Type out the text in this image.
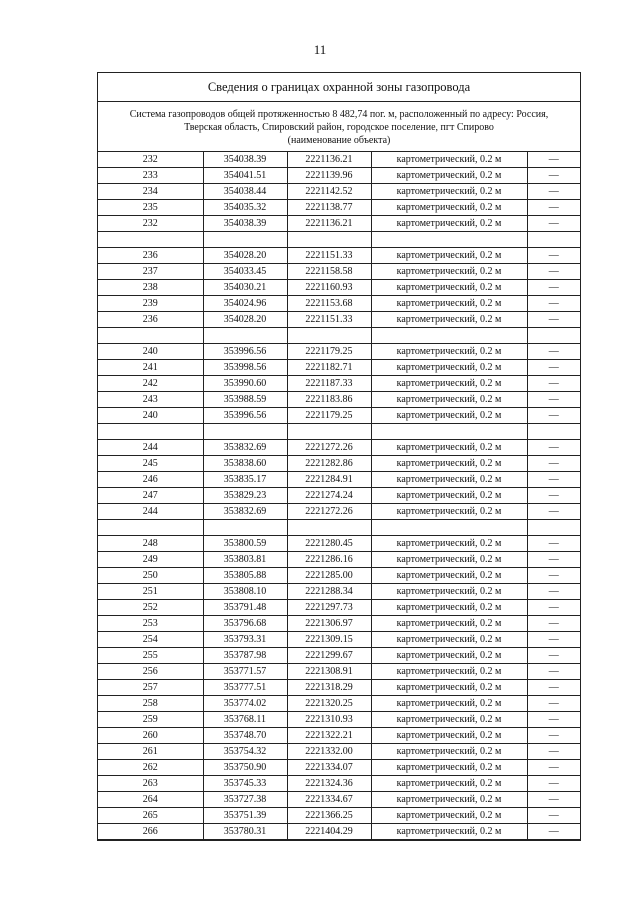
11
Сведения о границах охранной зоны газопровода
Система газопроводов общей протяженностью 8 482,74 пог. м, расположенный по адресу: Россия,
Тверская область, Спировский район, городское поселение, пгт Спирово
(наименование объекта)
232	354038.39	2221136.21	картометрический, 0.2 м	—
233	354041.51	2221139.96	картометрический, 0.2 м	—
234	354038.44	2221142.52	картометрический, 0.2 м	—
235	354035.32	2221138.77	картометрический, 0.2 м	—
232	354038.39	2221136.21	картометрический, 0.2 м	—

236	354028.20	2221151.33	картометрический, 0.2 м	—
237	354033.45	2221158.58	картометрический, 0.2 м	—
238	354030.21	2221160.93	картометрический, 0.2 м	—
239	354024.96	2221153.68	картометрический, 0.2 м	—
236	354028.20	2221151.33	картометрический, 0.2 м	—

240	353996.56	2221179.25	картометрический, 0.2 м	—
241	353998.56	2221182.71	картометрический, 0.2 м	—
242	353990.60	2221187.33	картометрический, 0.2 м	—
243	353988.59	2221183.86	картометрический, 0.2 м	—
240	353996.56	2221179.25	картометрический, 0.2 м	—

244	353832.69	2221272.26	картометрический, 0.2 м	—
245	353838.60	2221282.86	картометрический, 0.2 м	—
246	353835.17	2221284.91	картометрический, 0.2 м	—
247	353829.23	2221274.24	картометрический, 0.2 м	—
244	353832.69	2221272.26	картометрический, 0.2 м	—

248	353800.59	2221280.45	картометрический, 0.2 м	—
249	353803.81	2221286.16	картометрический, 0.2 м	—
250	353805.88	2221285.00	картометрический, 0.2 м	—
251	353808.10	2221288.34	картометрический, 0.2 м	—
252	353791.48	2221297.73	картометрический, 0.2 м	—
253	353796.68	2221306.97	картометрический, 0.2 м	—
254	353793.31	2221309.15	картометрический, 0.2 м	—
255	353787.98	2221299.67	картометрический, 0.2 м	—
256	353771.57	2221308.91	картометрический, 0.2 м	—
257	353777.51	2221318.29	картометрический, 0.2 м	—
258	353774.02	2221320.25	картометрический, 0.2 м	—
259	353768.11	2221310.93	картометрический, 0.2 м	—
260	353748.70	2221322.21	картометрический, 0.2 м	—
261	353754.32	2221332.00	картометрический, 0.2 м	—
262	353750.90	2221334.07	картометрический, 0.2 м	—
263	353745.33	2221324.36	картометрический, 0.2 м	—
264	353727.38	2221334.67	картометрический, 0.2 м	—
265	353751.39	2221366.25	картометрический, 0.2 м	—
266	353780.31	2221404.29	картометрический, 0.2 м	—
